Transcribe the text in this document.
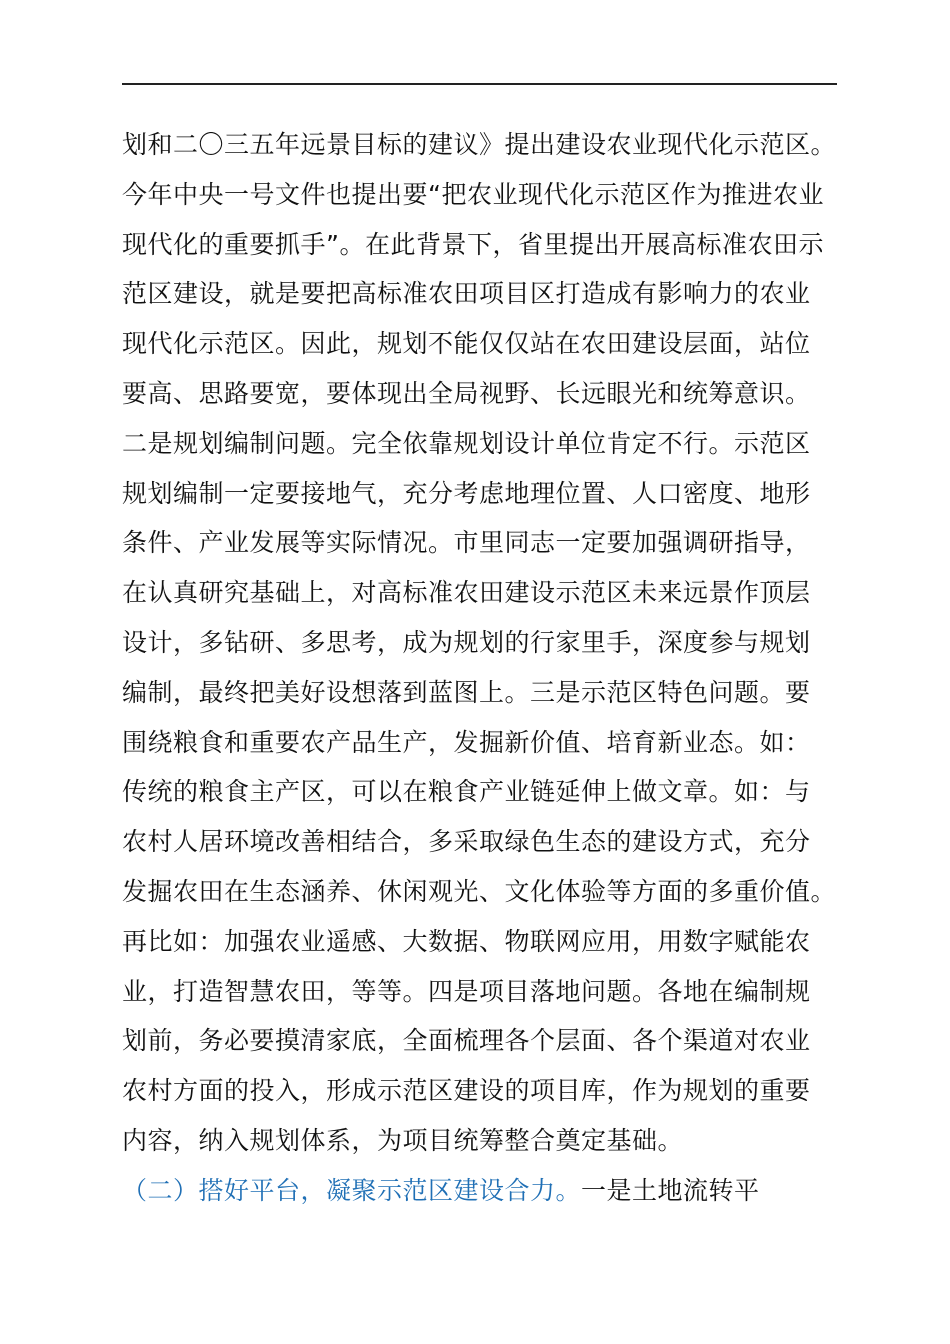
划和二〇三五年远景目标的建议》提出建设农业现代化示范区。
今年中央一号文件也提出要“把农业现代化示范区作为推进农业
现代化的重要抓手”。在此背景下，省里提出开展高标准农田示
范区建设，就是要把高标准农田项目区打造成有影响力的农业
现代化示范区。因此，规划不能仅仅站在农田建设层面，站位
要高、思路要宽，要体现出全局视野、长远眼光和统筹意识。
二是规划编制问题。完全依靠规划设计单位肯定不行。示范区
规划编制一定要接地气，充分考虑地理位置、人口密度、地形
条件、产业发展等实际情况。市里同志一定要加强调研指导，
在认真研究基础上，对高标准农田建设示范区未来远景作顶层
设计，多钻研、多思考，成为规划的行家里手，深度参与规划
编制，最终把美好设想落到蓝图上。三是示范区特色问题。要
围绕粮食和重要农产品生产，发掘新价值、培育新业态。如：
传统的粮食主产区，可以在粮食产业链延伸上做文章。如：与
农村人居环境改善相结合，多采取绿色生态的建设方式，充分
发掘农田在生态涵养、休闲观光、文化体验等方面的多重价值。
再比如：加强农业遥感、大数据、物联网应用，用数字赋能农
业，打造智慧农田，等等。四是项目落地问题。各地在编制规
划前，务必要摸清家底，全面梳理各个层面、各个渠道对农业
农村方面的投入，形成示范区建设的项目库，作为规划的重要
内容，纳入规划体系，为项目统筹整合奠定基础。
（二）搭好平台，凝聚示范区建设合力。一是土地流转平
